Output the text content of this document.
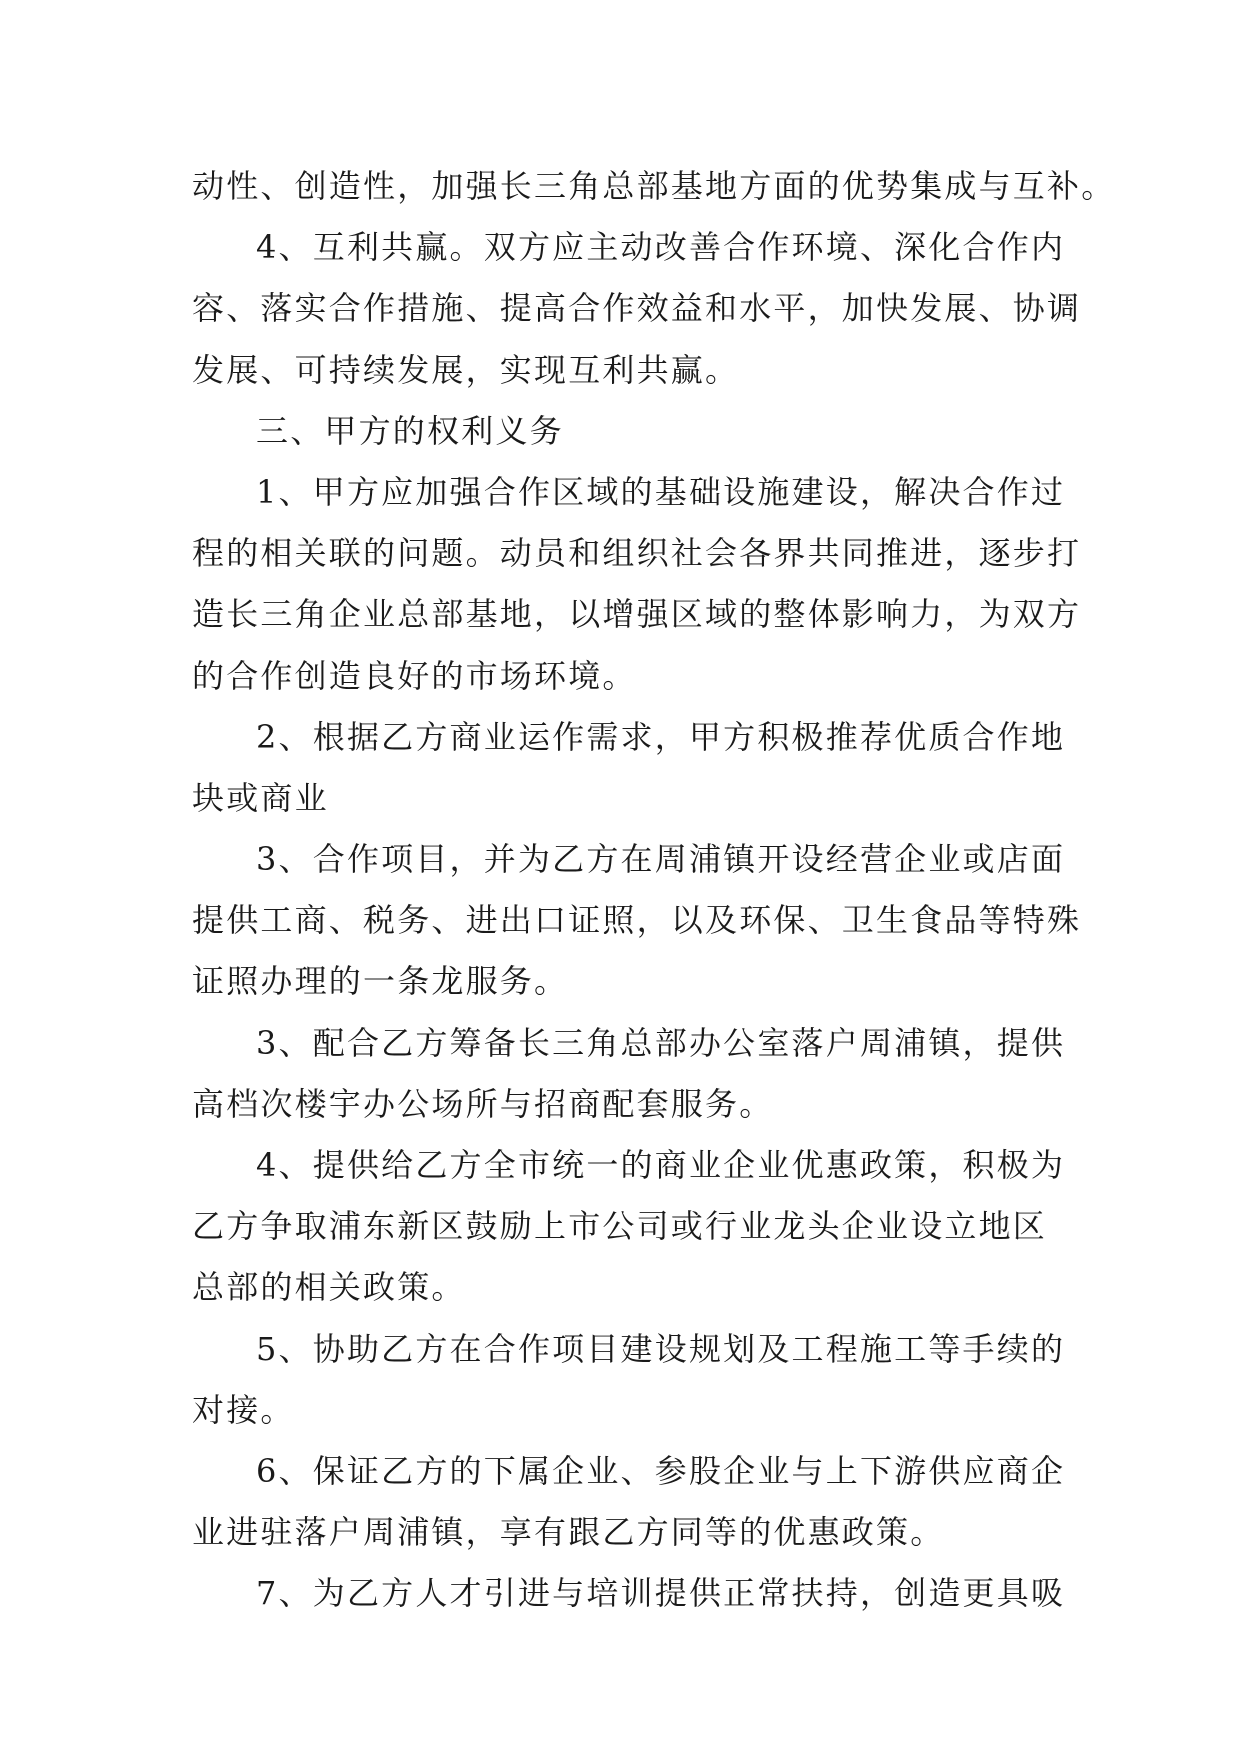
动性、创造性，加强长三角总部基地方面的优势集成与互补。
4、互利共赢。双方应主动改善合作环境、深化合作内
容、落实合作措施、提高合作效益和水平，加快发展、协调
发展、可持续发展，实现互利共赢。
三、甲方的权利义务
1、甲方应加强合作区域的基础设施建设，解决合作过
程的相关联的问题。动员和组织社会各界共同推进，逐步打
造长三角企业总部基地，以增强区域的整体影响力，为双方
的合作创造良好的市场环境。
2、根据乙方商业运作需求，甲方积极推荐优质合作地
块或商业
3、合作项目，并为乙方在周浦镇开设经营企业或店面
提供工商、税务、进出口证照，以及环保、卫生食品等特殊
证照办理的一条龙服务。
3、配合乙方筹备长三角总部办公室落户周浦镇，提供
高档次楼宇办公场所与招商配套服务。
4、提供给乙方全市统一的商业企业优惠政策，积极为
乙方争取浦东新区鼓励上市公司或行业龙头企业设立地区
总部的相关政策。
5、协助乙方在合作项目建设规划及工程施工等手续的
对接。
6、保证乙方的下属企业、参股企业与上下游供应商企
业进驻落户周浦镇，享有跟乙方同等的优惠政策。
7、为乙方人才引进与培训提供正常扶持，创造更具吸
